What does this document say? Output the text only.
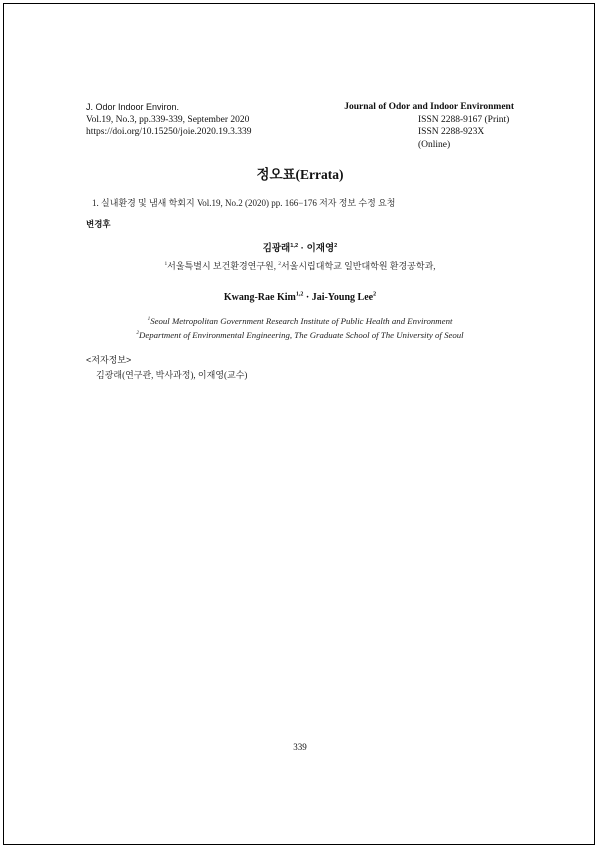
J. Odor Indoor Environ.
Vol.19, No.3, pp.339-339, September 2020
https://doi.org/10.15250/joie.2020.19.3.339
Journal of Odor and Indoor Environment
ISSN 2288-9167 (Print)
ISSN 2288-923X (Online)
정오표(Errata)
1. 실내환경 및 냄새 학회지 Vol.19, No.2 (2020) pp. 166−176 저자 정보 수정 요청
변경후
김광래$^{1,2}$ · 이재영$^2$
$^1$서울특별시 보건환경연구원, $^2$서울시립대학교 일반대학원 환경공학과,
Kwang-Rae Kim$^{1,2}$ · Jai-Young Lee$^2$
$^1$Seoul Metropolitan Government Research Institute of Public Health and Environment
$^2$Department of Environmental Engineering, The Graduate School of The University of Seoul
<저자정보>
김광래(연구관, 박사과정), 이재영(교수)
339
